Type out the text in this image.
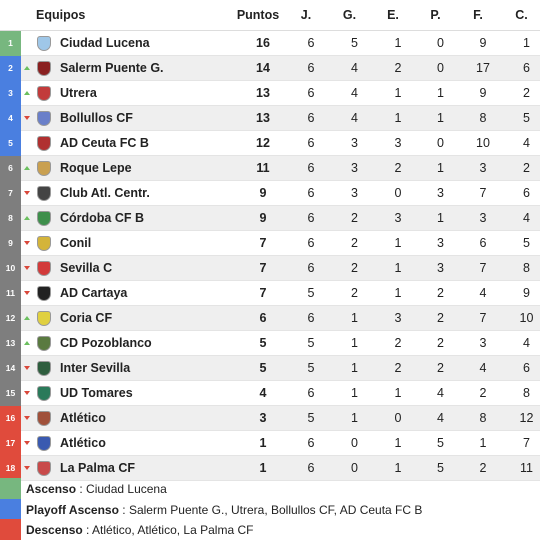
Equipos	Puntos	J.	G.	E.	P.	F.	C.
1	Ciudad Lucena	16	6	5	1	0	9	1
2	Salerm Puente G.	14	6	4	2	0	17	6
3	Utrera	13	6	4	1	1	9	2
4	Bollullos CF	13	6	4	1	1	8	5
5	AD Ceuta FC B	12	6	3	3	0	10	4
6	Roque Lepe	11	6	3	2	1	3	2
7	Club Atl. Centr.	9	6	3	0	3	7	6
8	Córdoba CF B	9	6	2	3	1	3	4
9	Conil	7	6	2	1	3	6	5
10	Sevilla C	7	6	2	1	3	7	8
11	AD Cartaya	7	5	2	1	2	4	9
12	Coria CF	6	6	1	3	2	7	10
13	CD Pozoblanco	5	5	1	2	2	3	4
14	Inter Sevilla	5	5	1	2	2	4	6
15	UD Tomares	4	6	1	1	4	2	8
16	Atlético	3	5	1	0	4	8	12
17	Atlético	1	6	0	1	5	1	7
18	La Palma CF	1	6	0	1	5	2	11
Ascenso : Ciudad Lucena
Playoff Ascenso : Salerm Puente G., Utrera, Bollullos CF, AD Ceuta FC B
Descenso : Atlético, Atlético, La Palma CF
